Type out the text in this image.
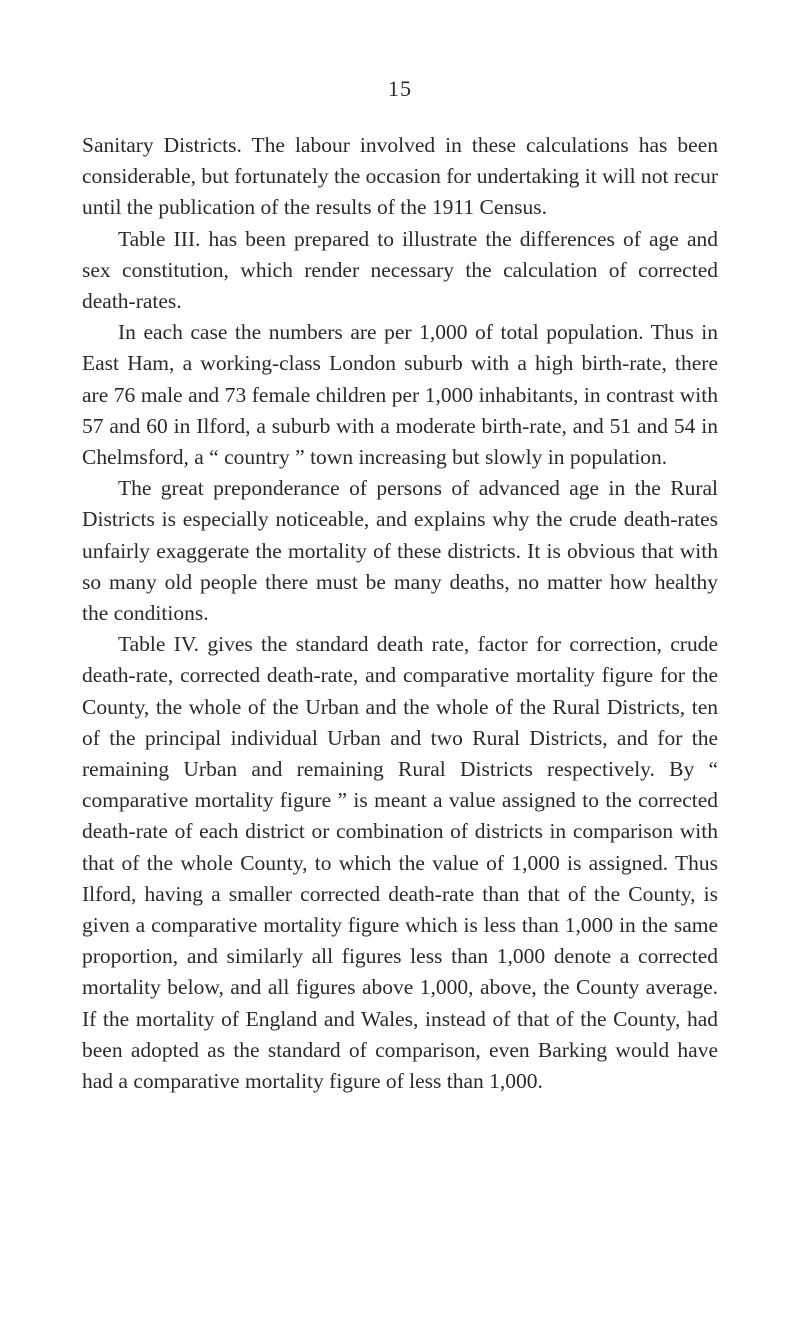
15

Sanitary Districts. The labour involved in these calculations has been considerable, but fortunately the occasion for undertaking it will not recur until the publication of the results of the 1911 Census.

Table III. has been prepared to illustrate the differences of age and sex constitution, which render necessary the calculation of corrected death-rates.

In each case the numbers are per 1,000 of total population. Thus in East Ham, a working-class London suburb with a high birth-rate, there are 76 male and 73 female children per 1,000 inhabitants, in contrast with 57 and 60 in Ilford, a suburb with a moderate birth-rate, and 51 and 54 in Chelmsford, a “ country ” town increasing but slowly in population.

The great preponderance of persons of advanced age in the Rural Districts is especially noticeable, and explains why the crude death-rates unfairly exaggerate the mortality of these districts. It is obvious that with so many old people there must be many deaths, no matter how healthy the conditions.

Table IV. gives the standard death rate, factor for correction, crude death-rate, corrected death-rate, and comparative mortality figure for the County, the whole of the Urban and the whole of the Rural Districts, ten of the principal individual Urban and two Rural Districts, and for the remaining Urban and remaining Rural Districts respectively. By “ comparative mortality figure ” is meant a value assigned to the corrected death-rate of each district or combination of districts in comparison with that of the whole County, to which the value of 1,000 is assigned. Thus Ilford, having a smaller corrected death-rate than that of the County, is given a comparative mortality figure which is less than 1,000 in the same proportion, and similarly all figures less than 1,000 denote a corrected mortality below, and all figures above 1,000, above, the County average. If the mortality of England and Wales, instead of that of the County, had been adopted as the standard of comparison, even Barking would have had a comparative mortality figure of less than 1,000.
